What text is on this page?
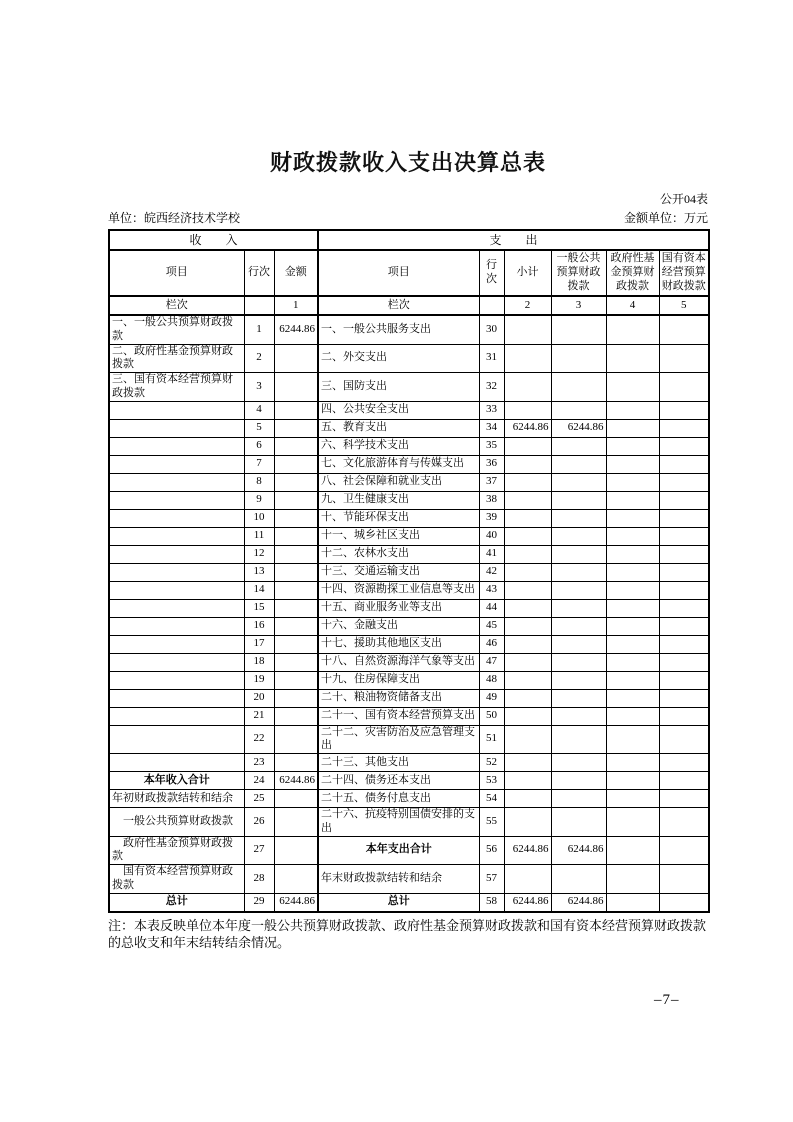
财政拨款收入支出决算总表
公开04表
单位：皖西经济技术学校	金额单位：万元
收　　入			支　　出					
项目	行次	金额	项目	行次	小计	一般公共预算财政拨款	政府性基金预算财政拨款	国有资本经营预算财政拨款
栏次		1	栏次		2	3	4	5
一、一般公共预算财政拨款	1	6244.86	一、一般公共服务支出	30				
二、政府性基金预算财政拨款	2		二、外交支出	31				
三、国有资本经营预算财政拨款	3		三、国防支出	32				
	4		四、公共安全支出	33				
	5		五、教育支出	34	6244.86	6244.86		
	6		六、科学技术支出	35				
	7		七、文化旅游体育与传媒支出	36				
	8		八、社会保障和就业支出	37				
	9		九、卫生健康支出	38				
	10		十、节能环保支出	39				
	11		十一、城乡社区支出	40				
	12		十二、农林水支出	41				
	13		十三、交通运输支出	42				
	14		十四、资源勘探工业信息等支出	43				
	15		十五、商业服务业等支出	44				
	16		十六、金融支出	45				
	17		十七、援助其他地区支出	46				
	18		十八、自然资源海洋气象等支出	47				
	19		十九、住房保障支出	48				
	20		二十、粮油物资储备支出	49				
	21		二十一、国有资本经营预算支出	50				
	22		二十二、灾害防治及应急管理支出	51				
	23		二十三、其他支出	52				
本年收入合计	24	6244.86	二十四、债务还本支出	53				
年初财政拨款结转和结余	25		二十五、债务付息支出	54				
一般公共预算财政拨款	26		二十六、抗疫特别国债安排的支出	55				
政府性基金预算财政拨款	27		本年支出合计	56	6244.86	6244.86		
国有资本经营预算财政拨款	28		年末财政拨款结转和结余	57				
总计	29	6244.86	总计	58	6244.86	6244.86		
注：本表反映单位本年度一般公共预算财政拨款、政府性基金预算财政拨款和国有资本经营预算财政拨款的总收支和年末结转结余情况。
–7–
